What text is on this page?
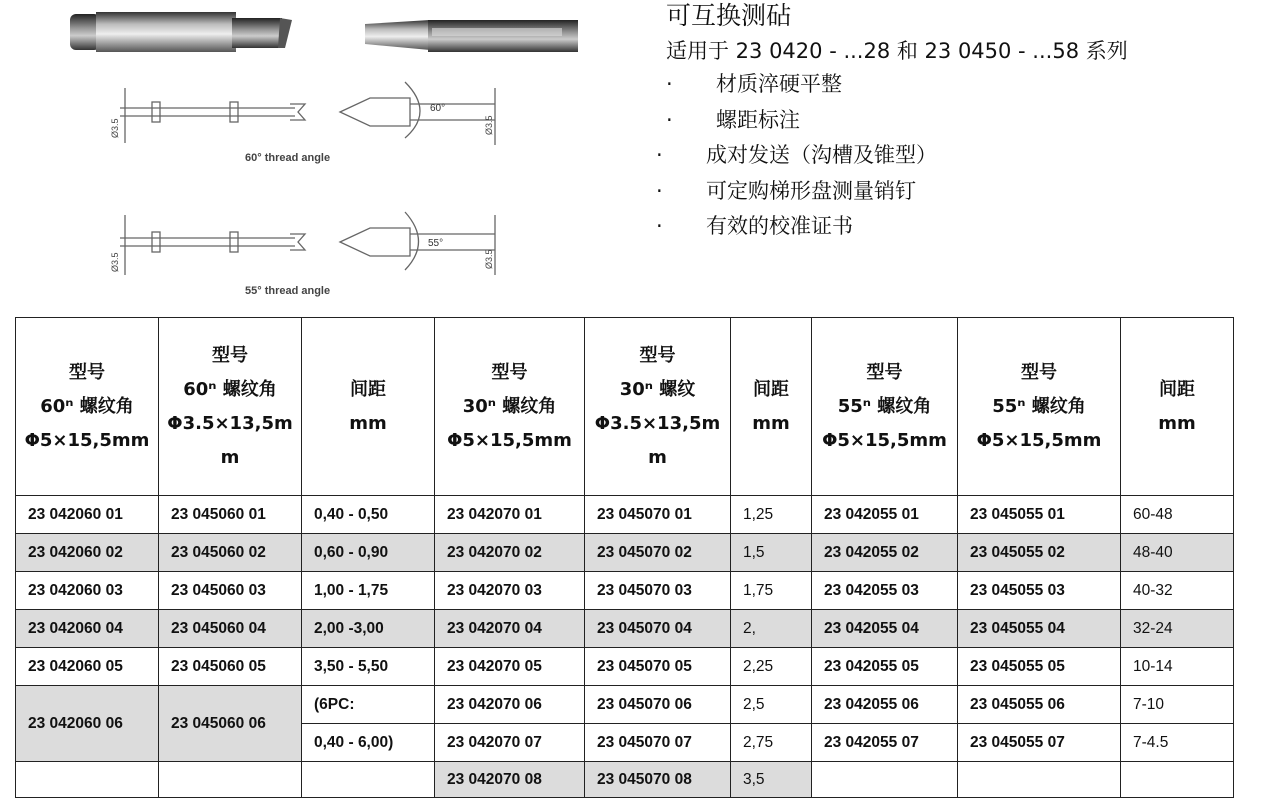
60°
Ø3.5	Ø3.5
55°
Ø3.5	Ø3.5
60° thread angle
55° thread angle
可互换测砧
适用于 23 0420 - ...28 和 23 0450 - ...58 系列
· 材质淬硬平整
· 螺距标注
· 成对发送（沟槽及锥型）
· 可定购梯形盘测量销钉
· 有效的校准证书
型号
60ⁿ 螺纹角
Φ5×15,5mm	型号
60ⁿ 螺纹角
Φ3.5×13,5m
m	间距
mm	型号
30ⁿ 螺纹角
Φ5×15,5mm	型号
30ⁿ 螺纹
Φ3.5×13,5m
m	间距
mm	型号
55ⁿ 螺纹角
Φ5×15,5mm	型号
55ⁿ 螺纹角
Φ5×15,5mm	间距
mm

23 042060 01	23 045060 01	0,40 - 0,50	23 042070 01	23 045070 01	1,25	23 042055 01	23 045055 01	60-48
23 042060 02	23 045060 02	0,60 - 0,90	23 042070 02	23 045070 02	1,5	23 042055 02	23 045055 02	48-40
23 042060 03	23 045060 03	1,00 - 1,75	23 042070 03	23 045070 03	1,75	23 042055 03	23 045055 03	40-32
23 042060 04	23 045060 04	2,00 -3,00	23 042070 04	23 045070 04	2,	23 042055 04	23 045055 04	32-24
23 042060 05	23 045060 05	3,50 - 5,50	23 042070 05	23 045070 05	2,25	23 042055 05	23 045055 05	10-14
23 042060 06	23 045060 06	(6PC:	23 042070 06	23 045070 06	2,5	23 042055 06	23 045055 06	7-10
		0,40 - 6,00)	23 042070 07	23 045070 07	2,75	23 042055 07	23 045055 07	7-4.5
			23 042070 08	23 045070 08	3,5			
